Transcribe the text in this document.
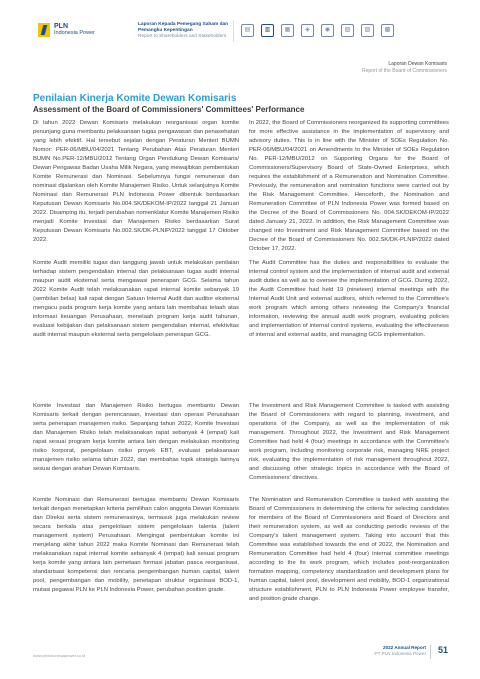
PLN
Indonesia Power
Laporan Kepada Pemegang Saham dan
Pemangku Kepentingan
Report to Shareholders and Stakeholders
▤	▥	▦	◈	◉	▧	▨	▩
Laporan Dewan Komisaris
Report of the Board of Commissioners
Penilaian Kinerja Komite Dewan Komisaris
Assessment of the Board of Commissioners' Committees' Performance

Di tahun 2022 Dewan Komisaris melakukan reorganisasi organ komite penunjang guna membantu pelaksanaan tugas pengawasan dan penasehatan yang lebih efektif. Hal tersebut sejalan dengan Peraturan Menteri BUMN Nomor: PER-06/MBU/04/2021 Tentang Perubahan Atas Peraturan Menteri BUMN No.PER-12/MBU/2012 Tentang Organ Pendukung Dewan Komisaris/ Dewan Pengawas Badan Usaha Milik Negara, yang mewajibkan pembentukan Komite Remunerasi dan Nominasi. Sebelumnya fungsi remunerasi dan nominasi dijalankan oleh Komite Manajemen Risiko. Untuk selanjutnya Komite Nominasi dan Remunerasi PLN Indonesia Power dibentuk berdasarkan Keputusan Dewan Komisaris No.004.SK/DEKOM-IP/2022 tanggal 21 Januari 2022. Disamping itu, terjadi perubahan nomenklatur Komite Manajemen Risiko menjadi Komite Investasi dan Manajemen Risiko berdasarkan Surat Keputusan Dewan Komisaris No.002.SK/DK-PLNIP/2022 tanggal 17 Oktober 2022.

Komite Audit memiliki tugas dan tanggung jawab untuk melakukan penilaian terhadap sistem pengendalian internal dan pelaksanaan tugas audit internal maupun audit eksternal serta mengawasi penerapan GCG. Selama tahun 2022 Komite Audit telah melaksanakan rapat internal komite sebanyak 19 (sembilan belas) kali rapat dengan Satuan Internal Audit dan auditor eksternal mengacu pada program kerja komite yang antara lain membahas telaah atas informasi keuangan Perusahaan, menelaah program kerja audit tahunan, evaluasi kebijakan dan pelaksanaan sistem pengendalian internal, efektivitas audit internal maupun eksternal serta pengelolaan penerapan GCG.

Komite Investasi dan Manajemen Risiko bertugas membantu Dewan Komisaris terkait dengan perencanaan, investasi dan operasi Perusahaan serta penerapan manajemen risiko. Sepanjang tahun 2022, Komite Investasi dan Manajemen Risiko telah melaksanakan rapat sebanyak 4 (empat) kali rapat sesuai program kerja komite antara lain dengan melakukan monitoring risiko korporat, pengelolaan risiko proyek EBT, evaluasi pelaksanaan manajemen risiko selama tahun 2022, dan membahas topik strategis lainnya sesuai dengan arahan Dewan Komisaris.

Komite Nominasi dan Remunerasi bertugas membantu Dewan Komisaris terkait dengan menetapkan kriteria pemilihan calon anggota Dewan Komisaris dan Direksi serta sistem remunerasinya, termasuk juga melakukan review secara berkala atas pengelolaan sistem pengelolaan talenta (talent management system) Perusahaan. Mengingat pembentukan komite ini menjelang akhir tahun 2022 maka Komite Nominasi dan Remunerasi telah melaksanakan rapat internal komite sebanyak 4 (empat) kali sesuai program kerja komite yang antara lain pemetaan formasi jabatan pasca reorganisasi, standarisasi kompetensi dan rencana pengembangan human capital, talent pool, pengembangan dan mobility, penetapan struktur organisasi BOD-1, mutasi pegawai PLN ke PLN Indonesia Power, perubahan position grade.

In 2022, the Board of Commissioners reorganized its supporting committees for more effective assistance in the implementation of supervisory and advisory duties. This is in line with the Minister of SOEs Regulation No. PER-06/MBU/04/2021 on Amendments to the Minister of SOEs Regulation No. PER-12/MBU/2012 on Supporting Organs for the Board of Commissioners/Supervisory Board of State-Owned Enterprises, which requires the establishment of a Remuneration and Nomination Committee. Previously, the remuneration and nomination functions were carried out by the Risk Management Committee. Henceforth, the Nomination and Remuneration Committee of PLN Indonesia Power was formed based on the Decree of the Board of Commissioners No. 004.SK/DEKOM-IP/2022 dated January 21, 2022. In addition, the Risk Management Committee was changed into Investment and Risk Management Committee based on the Decree of the Board of Commissioners No. 002.SK/DK-PLNIP/2022 dated October 17, 2022.

The Audit Committee has the duties and responsibilities to evaluate the internal control system and the implementation of internal audit and external audit duties as well as to oversee the implementation of GCG. During 2022, the Audit Committee had held 19 (nineteen) internal meetings with the Internal Audit Unit and external auditors, which referred to the Committee's work program which among others reviewing the Company's financial information, reviewing the annual audit work program, evaluating policies and implementation of internal control systems, evaluating the effectiveness of internal and external audits, and managing GCG implementation.

The Investment and Risk Management Committee is tasked with assisting the Board of Commissioners with regard to planning, investment, and operations of the Company, as well as the implementation of risk management. Throughout 2022, the Investment and Risk Management Committee had held 4 (four) meetings in accordance with the Committee's work program, including monitoring corporate risk, managing NRE project risk, evaluating the implementation of risk management throughout 2022, and discussing other strategic topics in accordance with the Board of Commissioners' directives.

The Nomination and Remuneration Committee is tasked with assisting the Board of Commissioners in determining the criteria for selecting candidates for members of the Board of Commissioners and Board of Directors and their remuneration system, as well as conducting periodic reviews of the Company's talent management system. Taking into account that this Committee was established towards the end of 2022, the Nomination and Remuneration Committee had held 4 (four) internal committee meetings according to the its work program, which includes post-reorganization formation mapping, competency standardization and development plans for human capital, talent pool, development and mobility, BOD-1 organizational structure establishment, PLN to PLN Indonesia Power employee transfer, and position grade change.

www.plnindonesiapower.co.id
2022 Annual Report
PT PLN Indonesia Power 51
